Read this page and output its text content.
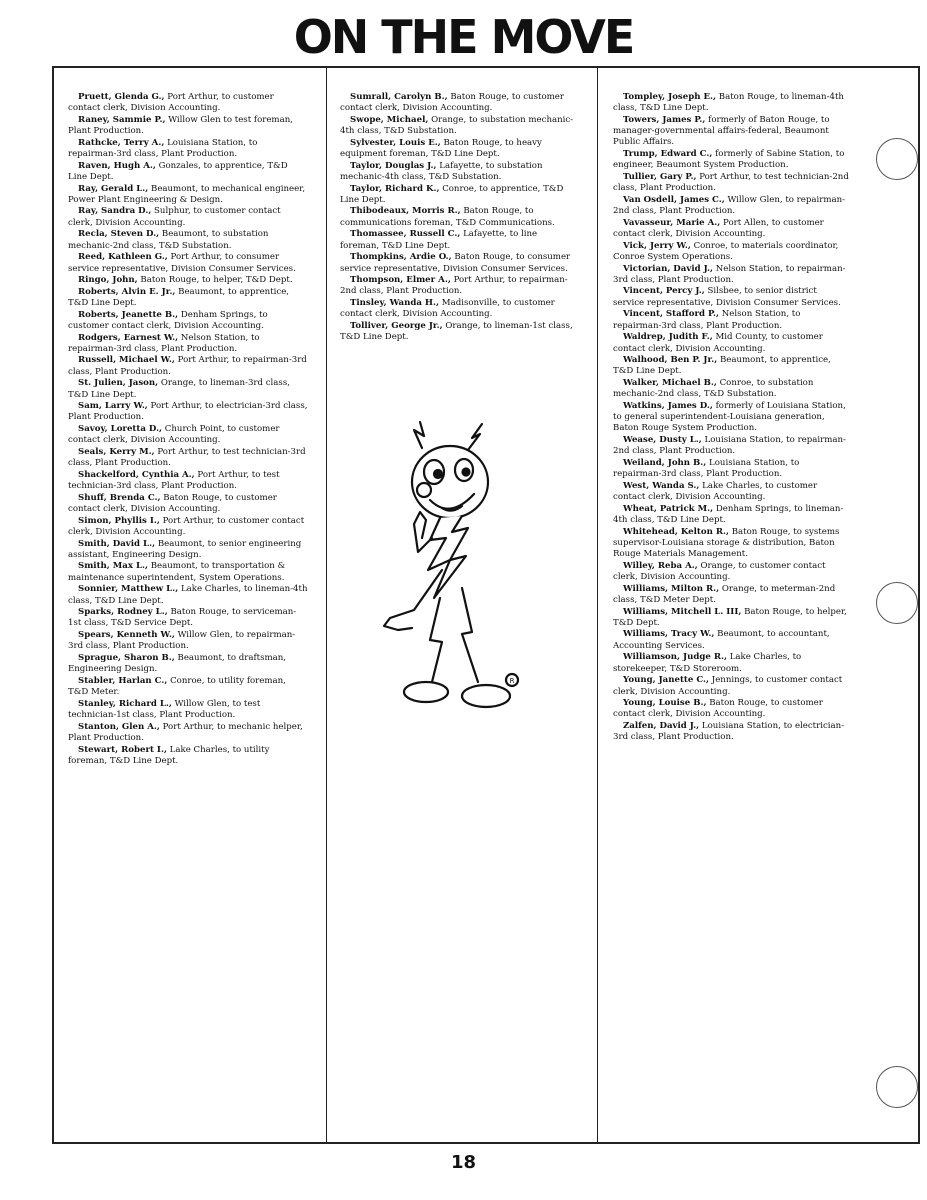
ON THE MOVE

Pruett, Glenda G., Port Arthur, to customer contact clerk, Division Accounting.

Raney, Sammie P., Willow Glen to test foreman, Plant Production.

Rathcke, Terry A., Louisiana Station, to repairman-3rd class, Plant Production.

Raven, Hugh A., Gonzales, to apprentice, T&D Line Dept.

Ray, Gerald L., Beaumont, to mechanical engineer, Power Plant Engineering & Design.

Ray, Sandra D., Sulphur, to customer contact clerk, Division Accounting.

Recla, Steven D., Beaumont, to substation mechanic-2nd class, T&D Substation.

Reed, Kathleen G., Port Arthur, to consumer service representative, Division Consumer Services.

Ringo, John, Baton Rouge, to helper, T&D Dept.

Roberts, Alvin E. Jr., Beaumont, to apprentice, T&D Line Dept.

Roberts, Jeanette B., Denham Springs, to customer contact clerk, Division Accounting.

Rodgers, Earnest W., Nelson Station, to repairman-3rd class, Plant Production.

Russell, Michael W., Port Arthur, to repairman-3rd class, Plant Production.

St. Julien, Jason, Orange, to lineman-3rd class, T&D Line Dept.

Sam, Larry W., Port Arthur, to electrician-3rd class, Plant Production.

Savoy, Loretta D., Church Point, to customer contact clerk, Division Accounting.

Seals, Kerry M., Port Arthur, to test technician-3rd class, Plant Production.

Shackelford, Cynthia A., Port Arthur, to test technician-3rd class, Plant Production.

Shuff, Brenda C., Baton Rouge, to customer contact clerk, Division Accounting.

Simon, Phyllis I., Port Arthur, to customer contact clerk, Division Accounting.

Smith, David L., Beaumont, to senior engineering assistant, Engineering Design.

Smith, Max L., Beaumont, to transportation & maintenance superintendent, System Operations.

Sonnier, Matthew L., Lake Charles, to lineman-4th class, T&D Line Dept.

Sparks, Rodney L., Baton Rouge, to serviceman-1st class, T&D Service Dept.

Spears, Kenneth W., Willow Glen, to repairman-3rd class, Plant Production.

Sprague, Sharon B., Beaumont, to draftsman, Engineering Design.

Stabler, Harlan C., Conroe, to utility foreman, T&D Meter.

Stanley, Richard L., Willow Glen, to test technician-1st class, Plant Production.

Stanton, Glen A., Port Arthur, to mechanic helper, Plant Production.

Stewart, Robert I., Lake Charles, to utility foreman, T&D Line Dept.

Sumrall, Carolyn B., Baton Rouge, to customer contact clerk, Division Accounting.

Swope, Michael, Orange, to substation mechanic-4th class, T&D Substation.

Sylvester, Louis E., Baton Rouge, to heavy equipment foreman, T&D Line Dept.

Taylor, Douglas J., Lafayette, to substation mechanic-4th class, T&D Substation.

Taylor, Richard K., Conroe, to apprentice, T&D Line Dept.

Thibodeaux, Morris R., Baton Rouge, to communications foreman, T&D Communications.

Thomassee, Russell C., Lafayette, to line foreman, T&D Line Dept.

Thompkins, Ardie O., Baton Rouge, to consumer service representative, Division Consumer Services.

Thompson, Elmer A., Port Arthur, to repairman-2nd class, Plant Production.

Tinsley, Wanda H., Madisonville, to customer contact clerk, Division Accounting.

Tolliver, George Jr., Orange, to lineman-1st class, T&D Line Dept.

Tompley, Joseph E., Baton Rouge, to lineman-4th class, T&D Line Dept.

Towers, James P., formerly of Baton Rouge, to manager-governmental affairs-federal, Beaumont Public Affairs.

Trump, Edward C., formerly of Sabine Station, to engineer, Beaumont System Production.

Tullier, Gary P., Port Arthur, to test technician-2nd class, Plant Production.

Van Osdell, James C., Willow Glen, to repairman-2nd class, Plant Production.

Vavasseur, Marie A., Port Allen, to customer contact clerk, Division Accounting.

Vick, Jerry W., Conroe, to materials coordinator, Conroe System Operations.

Victorian, David J., Nelson Station, to repairman-3rd class, Plant Production.

Vincent, Percy J., Silsbee, to senior district service representative, Division Consumer Services.

Vincent, Stafford P., Nelson Station, to repairman-3rd class, Plant Production.

Waldrep, Judith F., Mid County, to customer contact clerk, Division Accounting.

Walhood, Ben P. Jr., Beaumont, to apprentice, T&D Line Dept.

Walker, Michael B., Conroe, to substation mechanic-2nd class, T&D Substation.

Watkins, James D., formerly of Louisiana Station, to general superintendent-Louisiana generation, Baton Rouge System Production.

Wease, Dusty L., Louisiana Station, to repairman-2nd class, Plant Production.

Weiland, John B., Louisiana Station, to repairman-3rd class, Plant Production.

West, Wanda S., Lake Charles, to customer contact clerk, Division Accounting.

Wheat, Patrick M., Denham Springs, to lineman-4th class, T&D Line Dept.

Whitehead, Kelton R., Baton Rouge, to systems supervisor-Louisiana storage & distribution, Baton Rouge Materials Management.

Willey, Reba A., Orange, to customer contact clerk, Division Accounting.

Williams, Milton R., Orange, to meterman-2nd class, T&D Meter Dept.

Williams, Mitchell L. III, Baton Rouge, to helper, T&D Dept.

Williams, Tracy W., Beaumont, to accountant, Accounting Services.

Williamson, Judge R., Lake Charles, to storekeeper, T&D Storeroom.

Young, Janette C., Jennings, to customer contact clerk, Division Accounting.

Young, Louise B., Baton Rouge, to customer contact clerk, Division Accounting.

Zalfen, David J., Louisiana Station, to electrician-3rd class, Plant Production.

R
18
